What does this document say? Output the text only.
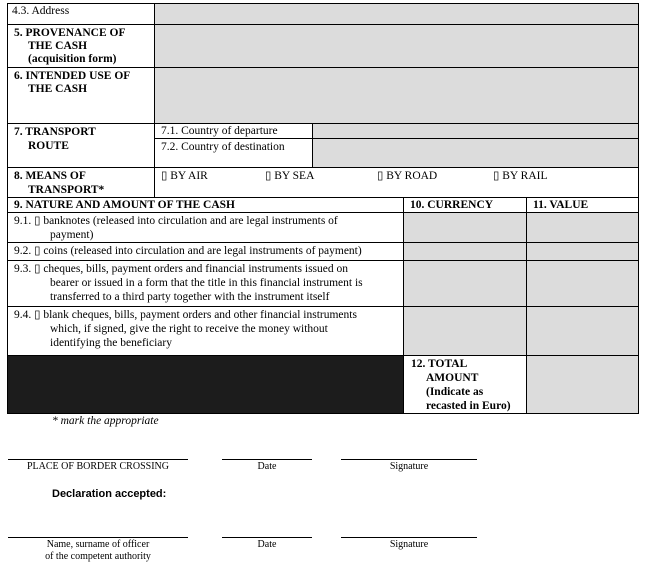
4.3. Address
5. PROVENANCE OF
THE CASH
(acquisition form)
6. INTENDED USE OF
THE CASH
7. TRANSPORT
ROUTE
7.1. Country of departure
7.2. Country of destination
8. MEANS OF
TRANSPORT*
▯ BY AIR	▯ BY SEA	▯ BY ROAD	▯ BY RAIL
9. NATURE AND AMOUNT OF THE CASH	10. CURRENCY	11. VALUE
9.1. ▯ banknotes (released into circulation and are legal instruments of
payment)
9.2. ▯ coins (released into circulation and are legal instruments of payment)
9.3. ▯ cheques, bills, payment orders and financial instruments issued on
bearer or issued in a form that the title in this financial instrument is
transferred to a third party together with the instrument itself
9.4. ▯ blank cheques, bills, payment orders and other financial instruments
which, if signed, give the right to receive the money without
identifying the beneficiary
12. TOTAL
AMOUNT
(Indicate as
recasted in Euro)
* mark the appropriate
PLACE OF BORDER CROSSING	Date	Signature
Declaration accepted:
Name, surname of officer
of the competent authority
Date	Signature
